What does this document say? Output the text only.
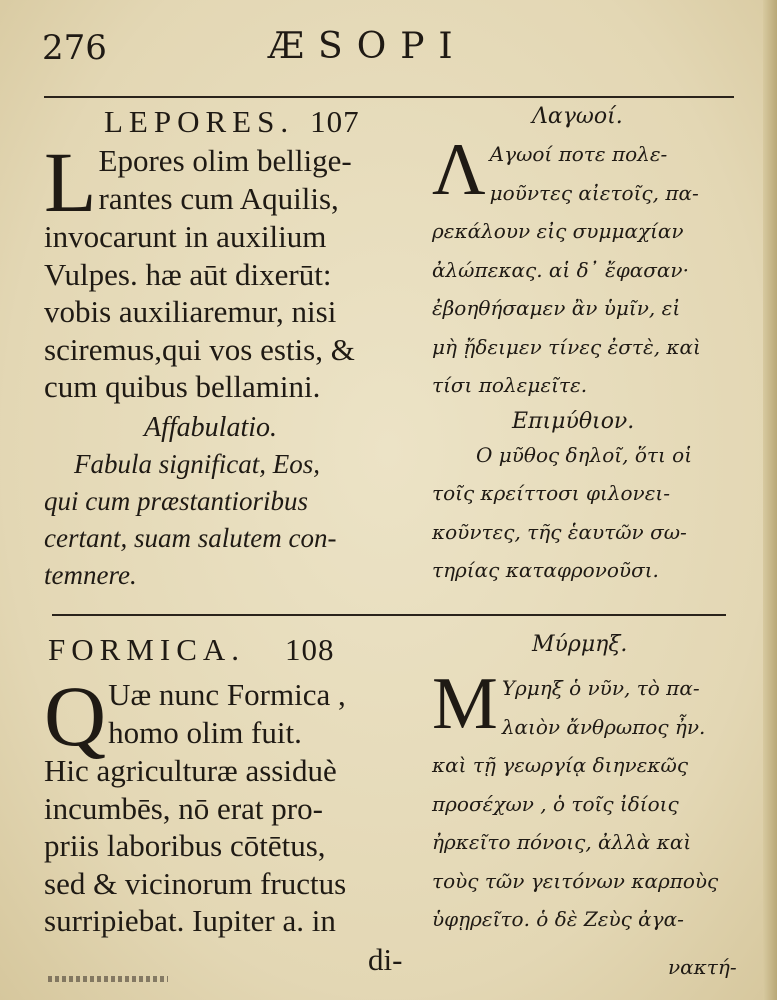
276	ÆSOPI
LEPORES. 107
L Epores olim bellige-
rantes cum Aquilis,
invocarunt in auxilium
Vulpes. hæ aūt dixerūt:
vobis auxiliaremur, nisi
sciremus,qui vos estis, &
cum quibus bellamini.
Affabulatio.
Fabula significat, Eos,
qui cum præstantioribus
certant, suam salutem con-
temnere.
Λαγωοί.
Λ Αγωοί ποτε πολε-
μοῦντες αἰετοῖς, πα-
ρεκάλουν εἰς συμμαχίαν
ἀλώπεκας. αἱ δ᾽ ἔφασαν·
ἐβοηθήσαμεν ἂν ὑμῖν, εἰ
μὴ ᾔδειμεν τίνες ἐστὲ, καὶ
τίσι πολεμεῖτε.
Επιμύθιον.
Ο μῦθος δηλοῖ, ὅτι οἱ
τοῖς κρείττοσι φιλονει-
κοῦντες, τῆς ἑαυτῶν σω-
τηρίας καταφρονοῦσι.
FORMICA. 108
Q Uæ nunc Formica ,
homo olim fuit.
Hic agriculturæ assiduè
incumbēs, nō erat pro-
priis laboribus cōtētus,
sed & vicinorum fructus
surripiebat. Iupiter a. in
di-
Μύρμηξ.
Μ Υρμηξ ὁ νῦν, τὸ πα-
λαιὸν ἄνθρωπος ἦν.
καὶ τῇ γεωργίᾳ διηνεκῶς
προσέχων , ὁ τοῖς ἰδίοις
ἠρκεῖτο πόνοις, ἀλλὰ καὶ
τοὺς τῶν γειτόνων καρποὺς
ὑφῃρεῖτο. ὁ δὲ Ζεὺς ἀγα-
νακτή-
